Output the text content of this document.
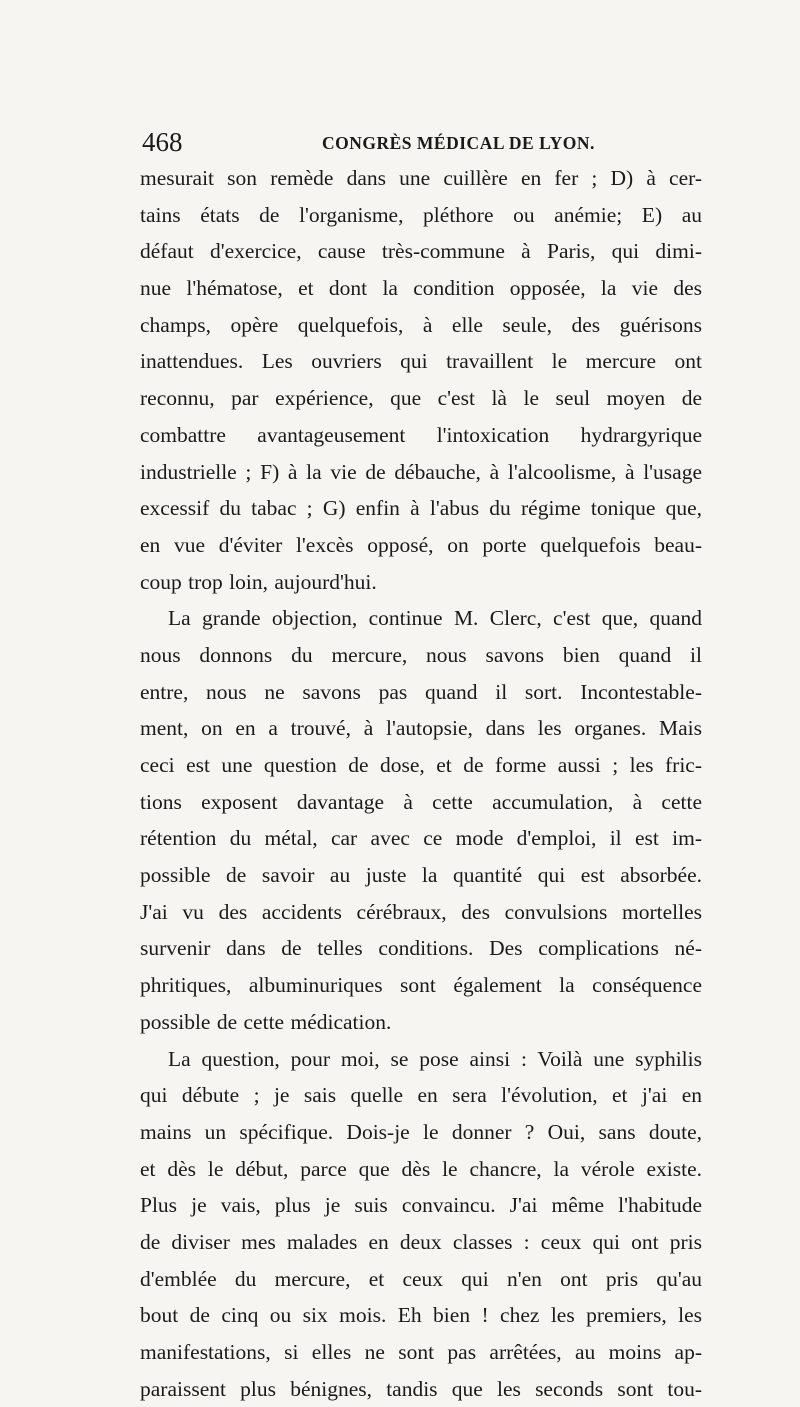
468	CONGRÈS MÉDICAL DE LYON.
mesurait son remède dans une cuillère en fer ; D) à cer-
tains états de l'organisme, pléthore ou anémie; E) au
défaut d'exercice, cause très-commune à Paris, qui dimi-
nue l'hématose, et dont la condition opposée, la vie des
champs, opère quelquefois, à elle seule, des guérisons
inattendues. Les ouvriers qui travaillent le mercure ont
reconnu, par expérience, que c'est là le seul moyen de
combattre avantageusement l'intoxication hydrargyrique
industrielle ; F) à la vie de débauche, à l'alcoolisme, à l'usage
excessif du tabac ; G) enfin à l'abus du régime tonique que,
en vue d'éviter l'excès opposé, on porte quelquefois beau-
coup trop loin, aujourd'hui.
La grande objection, continue M. Clerc, c'est que, quand
nous donnons du mercure, nous savons bien quand il
entre, nous ne savons pas quand il sort. Incontestable-
ment, on en a trouvé, à l'autopsie, dans les organes. Mais
ceci est une question de dose, et de forme aussi ; les fric-
tions exposent davantage à cette accumulation, à cette
rétention du métal, car avec ce mode d'emploi, il est im-
possible de savoir au juste la quantité qui est absorbée.
J'ai vu des accidents cérébraux, des convulsions mortelles
survenir dans de telles conditions. Des complications né-
phritiques, albuminuriques sont également la conséquence
possible de cette médication.
La question, pour moi, se pose ainsi : Voilà une syphilis
qui débute ; je sais quelle en sera l'évolution, et j'ai en
mains un spécifique. Dois-je le donner ? Oui, sans doute,
et dès le début, parce que dès le chancre, la vérole existe.
Plus je vais, plus je suis convaincu. J'ai même l'habitude
de diviser mes malades en deux classes : ceux qui ont pris
d'emblée du mercure, et ceux qui n'en ont pris qu'au
bout de cinq ou six mois. Eh bien ! chez les premiers, les
manifestations, si elles ne sont pas arrêtées, au moins ap-
paraissent plus bénignes, tandis que les seconds sont tou-
